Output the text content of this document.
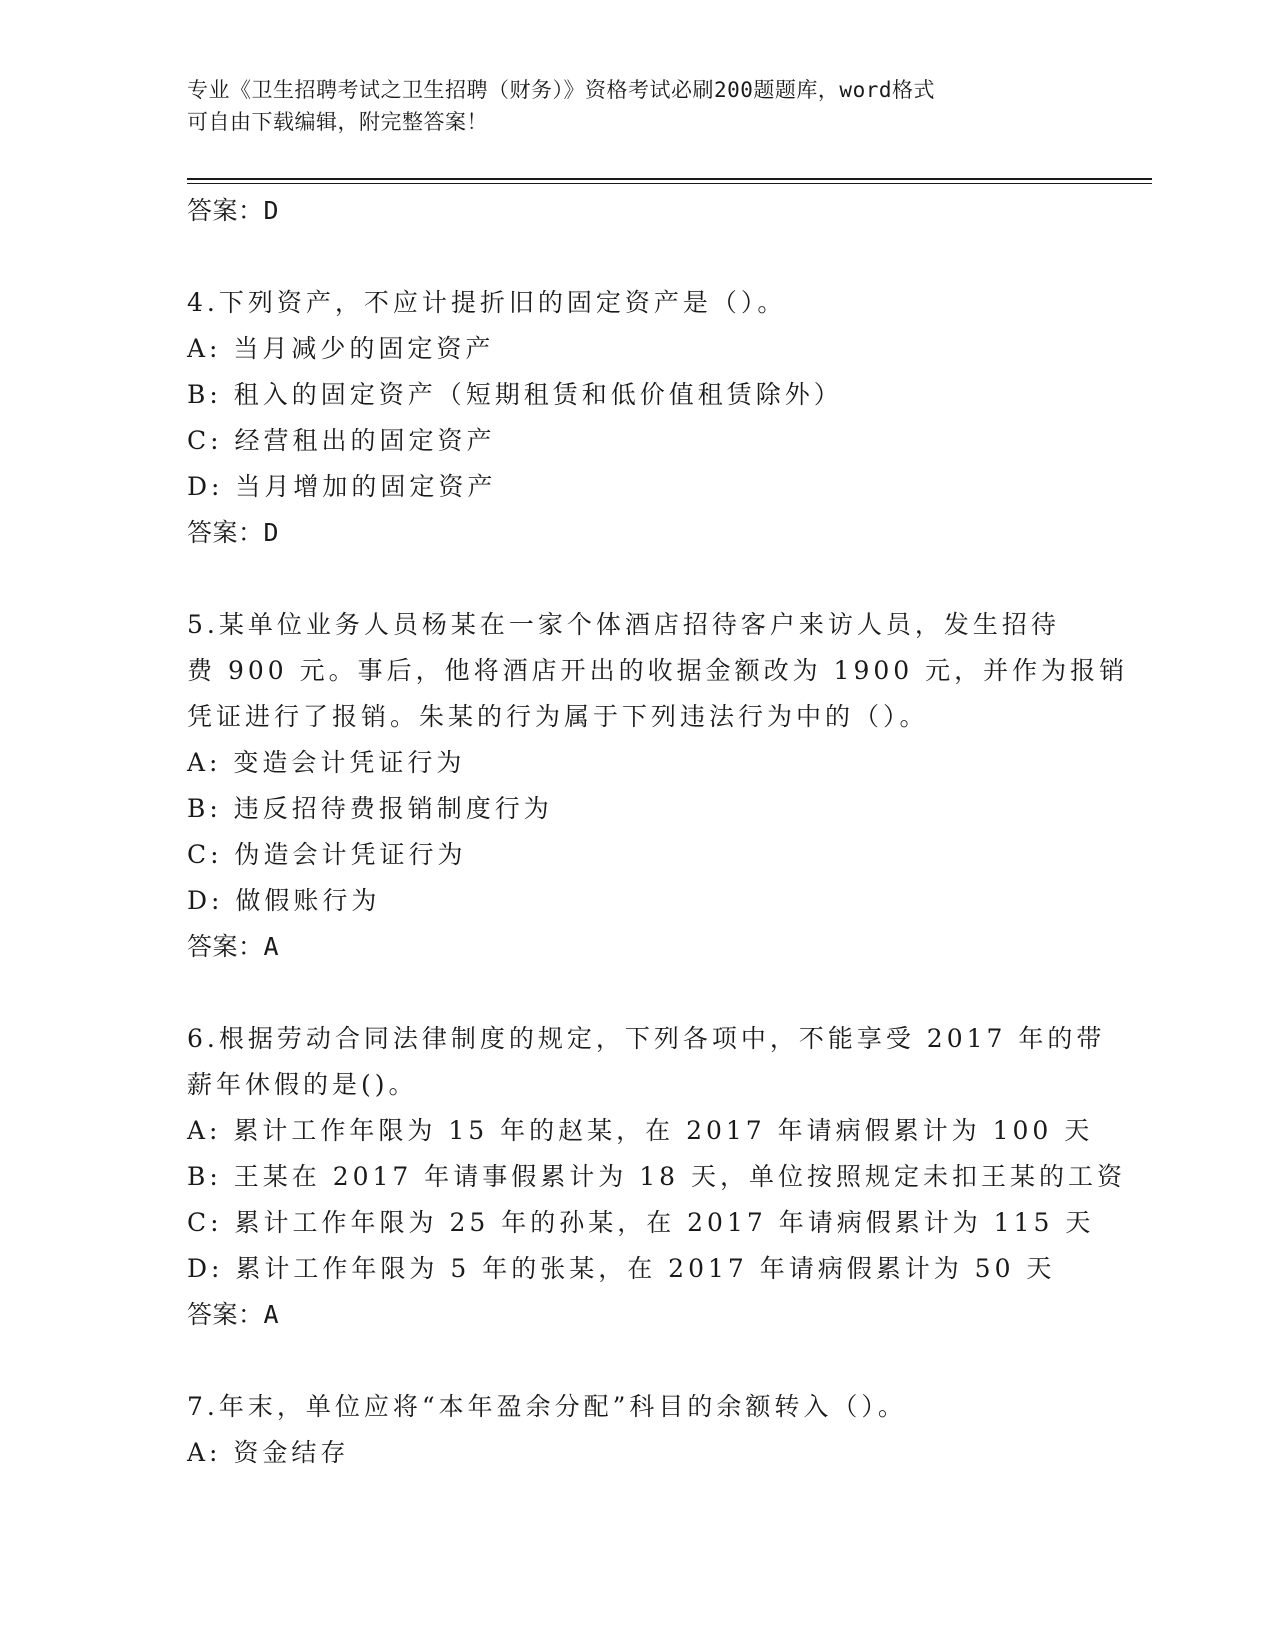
专业《卫生招聘考试之卫生招聘（财务）》资格考试必刷200题题库，word格式
可自由下载编辑，附完整答案！
答案：D
4.下列资产，不应计提折旧的固定资产是（）。
A: 当月减少的固定资产
B: 租入的固定资产（短期租赁和低价值租赁除外）
C: 经营租出的固定资产
D: 当月增加的固定资产
答案：D
5.某单位业务人员杨某在一家个体酒店招待客户来访人员，发生招待
费 900 元。事后，他将酒店开出的收据金额改为 1900 元，并作为报销
凭证进行了报销。朱某的行为属于下列违法行为中的（）。
A: 变造会计凭证行为
B: 违反招待费报销制度行为
C: 伪造会计凭证行为
D: 做假账行为
答案：A
6.根据劳动合同法律制度的规定，下列各项中，不能享受 2017 年的带
薪年休假的是()。
A: 累计工作年限为 15 年的赵某，在 2017 年请病假累计为 100 天
B: 王某在 2017 年请事假累计为 18 天，单位按照规定未扣王某的工资
C: 累计工作年限为 25 年的孙某，在 2017 年请病假累计为 115 天
D: 累计工作年限为 5 年的张某，在 2017 年请病假累计为 50 天
答案：A
7.年末，单位应将“本年盈余分配”科目的余额转入（）。
A: 资金结存
